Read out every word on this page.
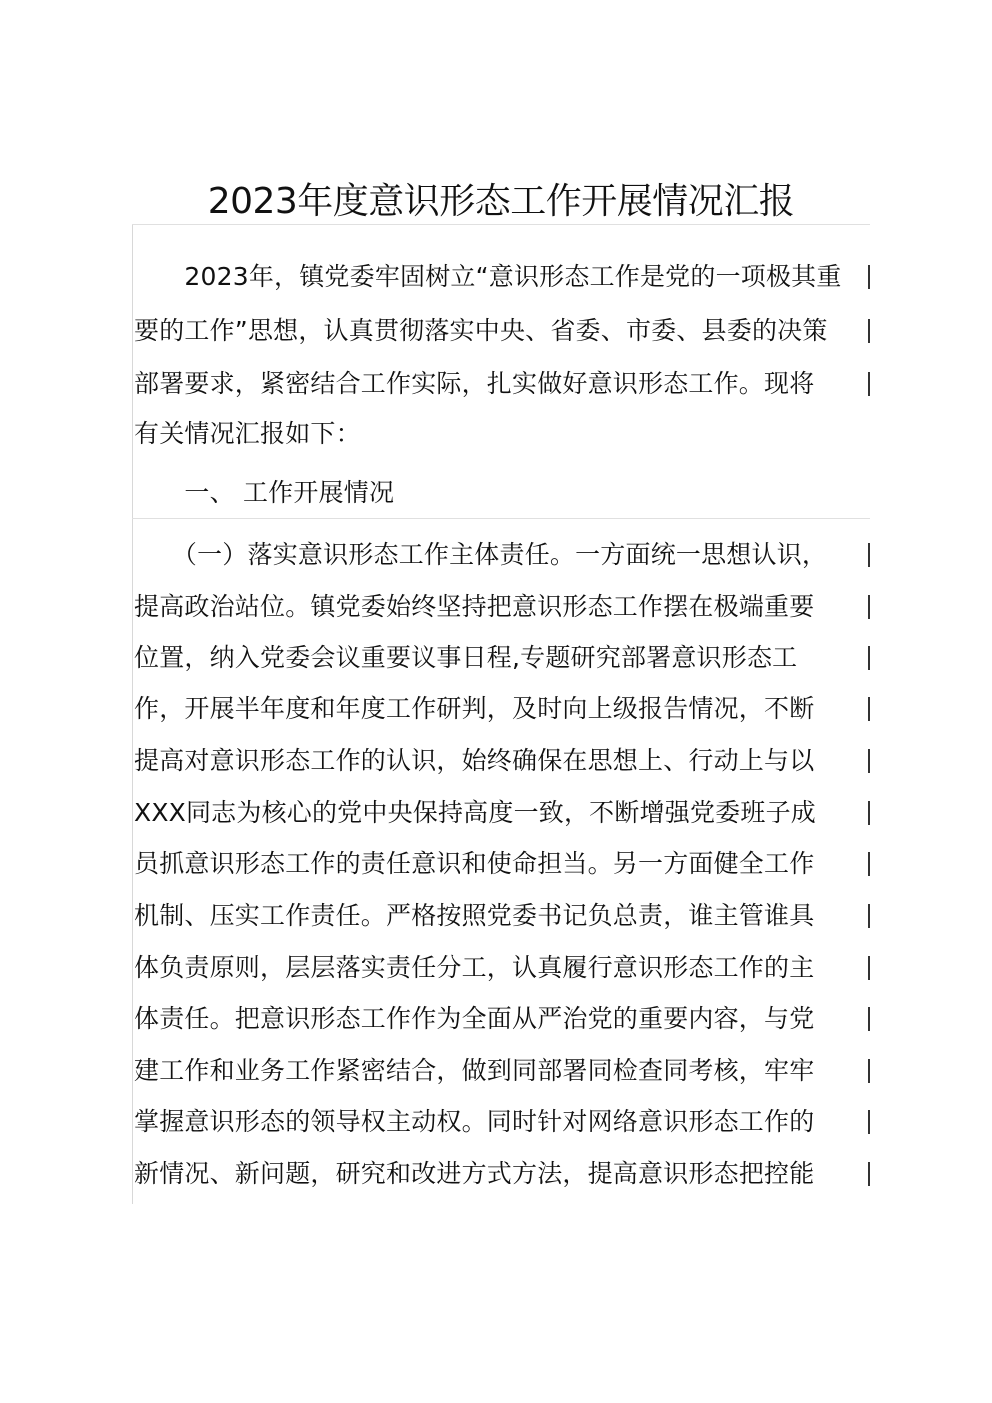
2023年度意识形态工作开展情况汇报
　　2023年，镇党委牢固树立“意识形态工作是党的一项极其重
要的工作”思想，认真贯彻落实中央、省委、市委、县委的决策
部署要求，紧密结合工作实际，扎实做好意识形态工作。现将
有关情况汇报如下：
　　一、 工作开展情况
　　（一）落实意识形态工作主体责任。一方面统一思想认识，
提高政治站位。镇党委始终坚持把意识形态工作摆在极端重要
位置，纳入党委会议重要议事日程,专题研究部署意识形态工
作，开展半年度和年度工作研判，及时向上级报告情况，不断
提高对意识形态工作的认识，始终确保在思想上、行动上与以
XXX同志为核心的党中央保持高度一致，不断增强党委班子成
员抓意识形态工作的责任意识和使命担当。另一方面健全工作
机制、压实工作责任。严格按照党委书记负总责，谁主管谁具
体负责原则，层层落实责任分工，认真履行意识形态工作的主
体责任。把意识形态工作作为全面从严治党的重要内容，与党
建工作和业务工作紧密结合，做到同部署同检查同考核，牢牢
掌握意识形态的领导权主动权。同时针对网络意识形态工作的
新情况、新问题，研究和改进方式方法，提高意识形态把控能
